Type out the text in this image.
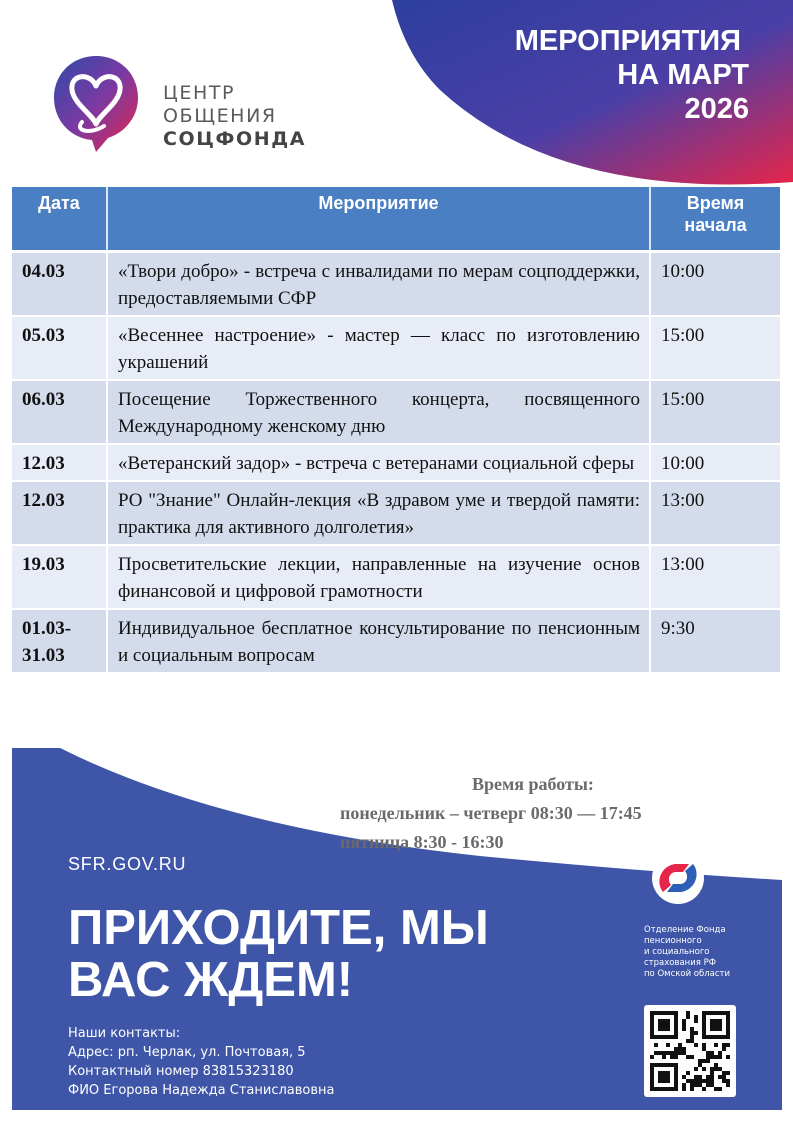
ЦЕНТР
ОБЩЕНИЯ
СОЦФОНДА
МЕРОПРИЯТИЯ
НА МАРТ
2026
Дата	Мероприятие	Время начала
04.03	«Твори добро» - встреча с инвалидами по мерам соцподдержки, предоставляемыми СФР	10:00
05.03	«Весеннее настроение» - мастер — класс по изготовлению украшений	15:00
06.03	Посещение Торжественного концерта, посвященного Международному женскому дню	15:00
12.03	«Ветеранский задор» - встреча с ветеранами социальной сферы	10:00
12.03	РО "Знание" Онлайн-лекция «В здравом уме и твердой памяти: практика для активного долголетия»	13:00
19.03	Просветительские лекции, направленные на изучение основ финансовой и цифровой грамотности	13:00
01.03-31.03	Индивидуальное бесплатное консультирование по пенсионным и социальным вопросам	9:30
Время работы:
понедельник – четверг 08:30 — 17:45
пятница 8:30 - 16:30
SFR.GOV.RU
ПРИХОДИТЕ, МЫ
ВАС ЖДЕМ!
Наши контакты:
Адрес: рп. Черлак, ул. Почтовая, 5
Контактный номер 83815323180
ФИО Егорова Надежда Станиславовна
Отделение Фонда
пенсионного
и социального
страхования РФ
по Омской области
